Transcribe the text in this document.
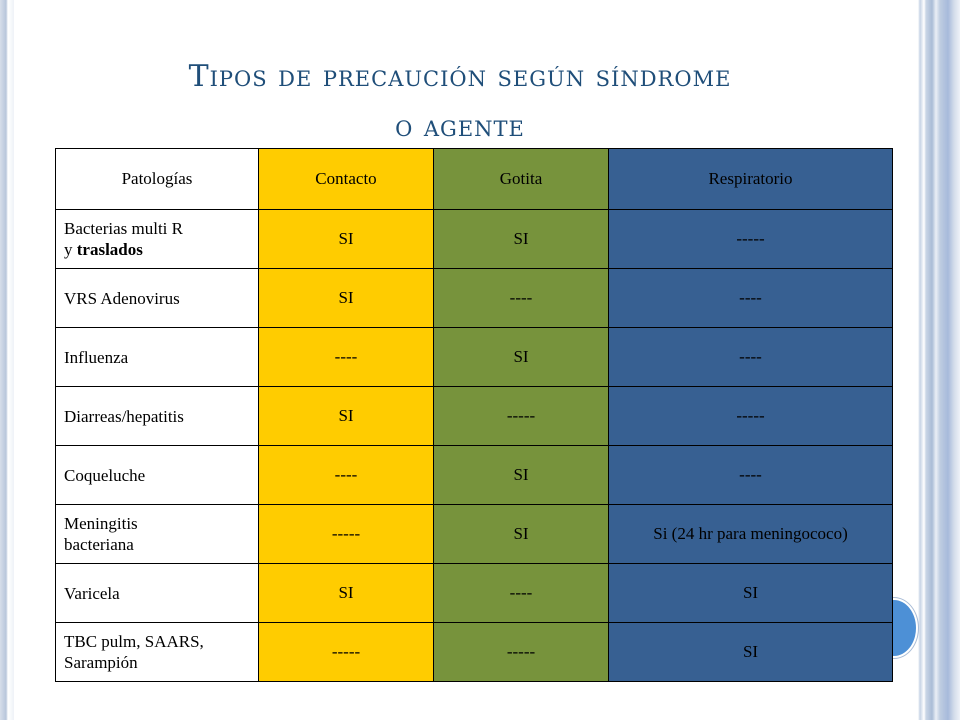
Tipos de precaución según síndrome
o agente
Patologías	Contacto	Gotita	Respiratorio
Bacterias multi R
y traslados	SI	SI	-----
VRS Adenovirus	SI	----	----
Influenza	----	SI	----
Diarreas/hepatitis	SI	-----	-----
Coqueluche	----	SI	----
Meningitis
bacteriana	-----	SI	Si (24 hr para meningococo)
Varicela	SI	----	SI
TBC pulm, SAARS,
Sarampión	-----	-----	SI
